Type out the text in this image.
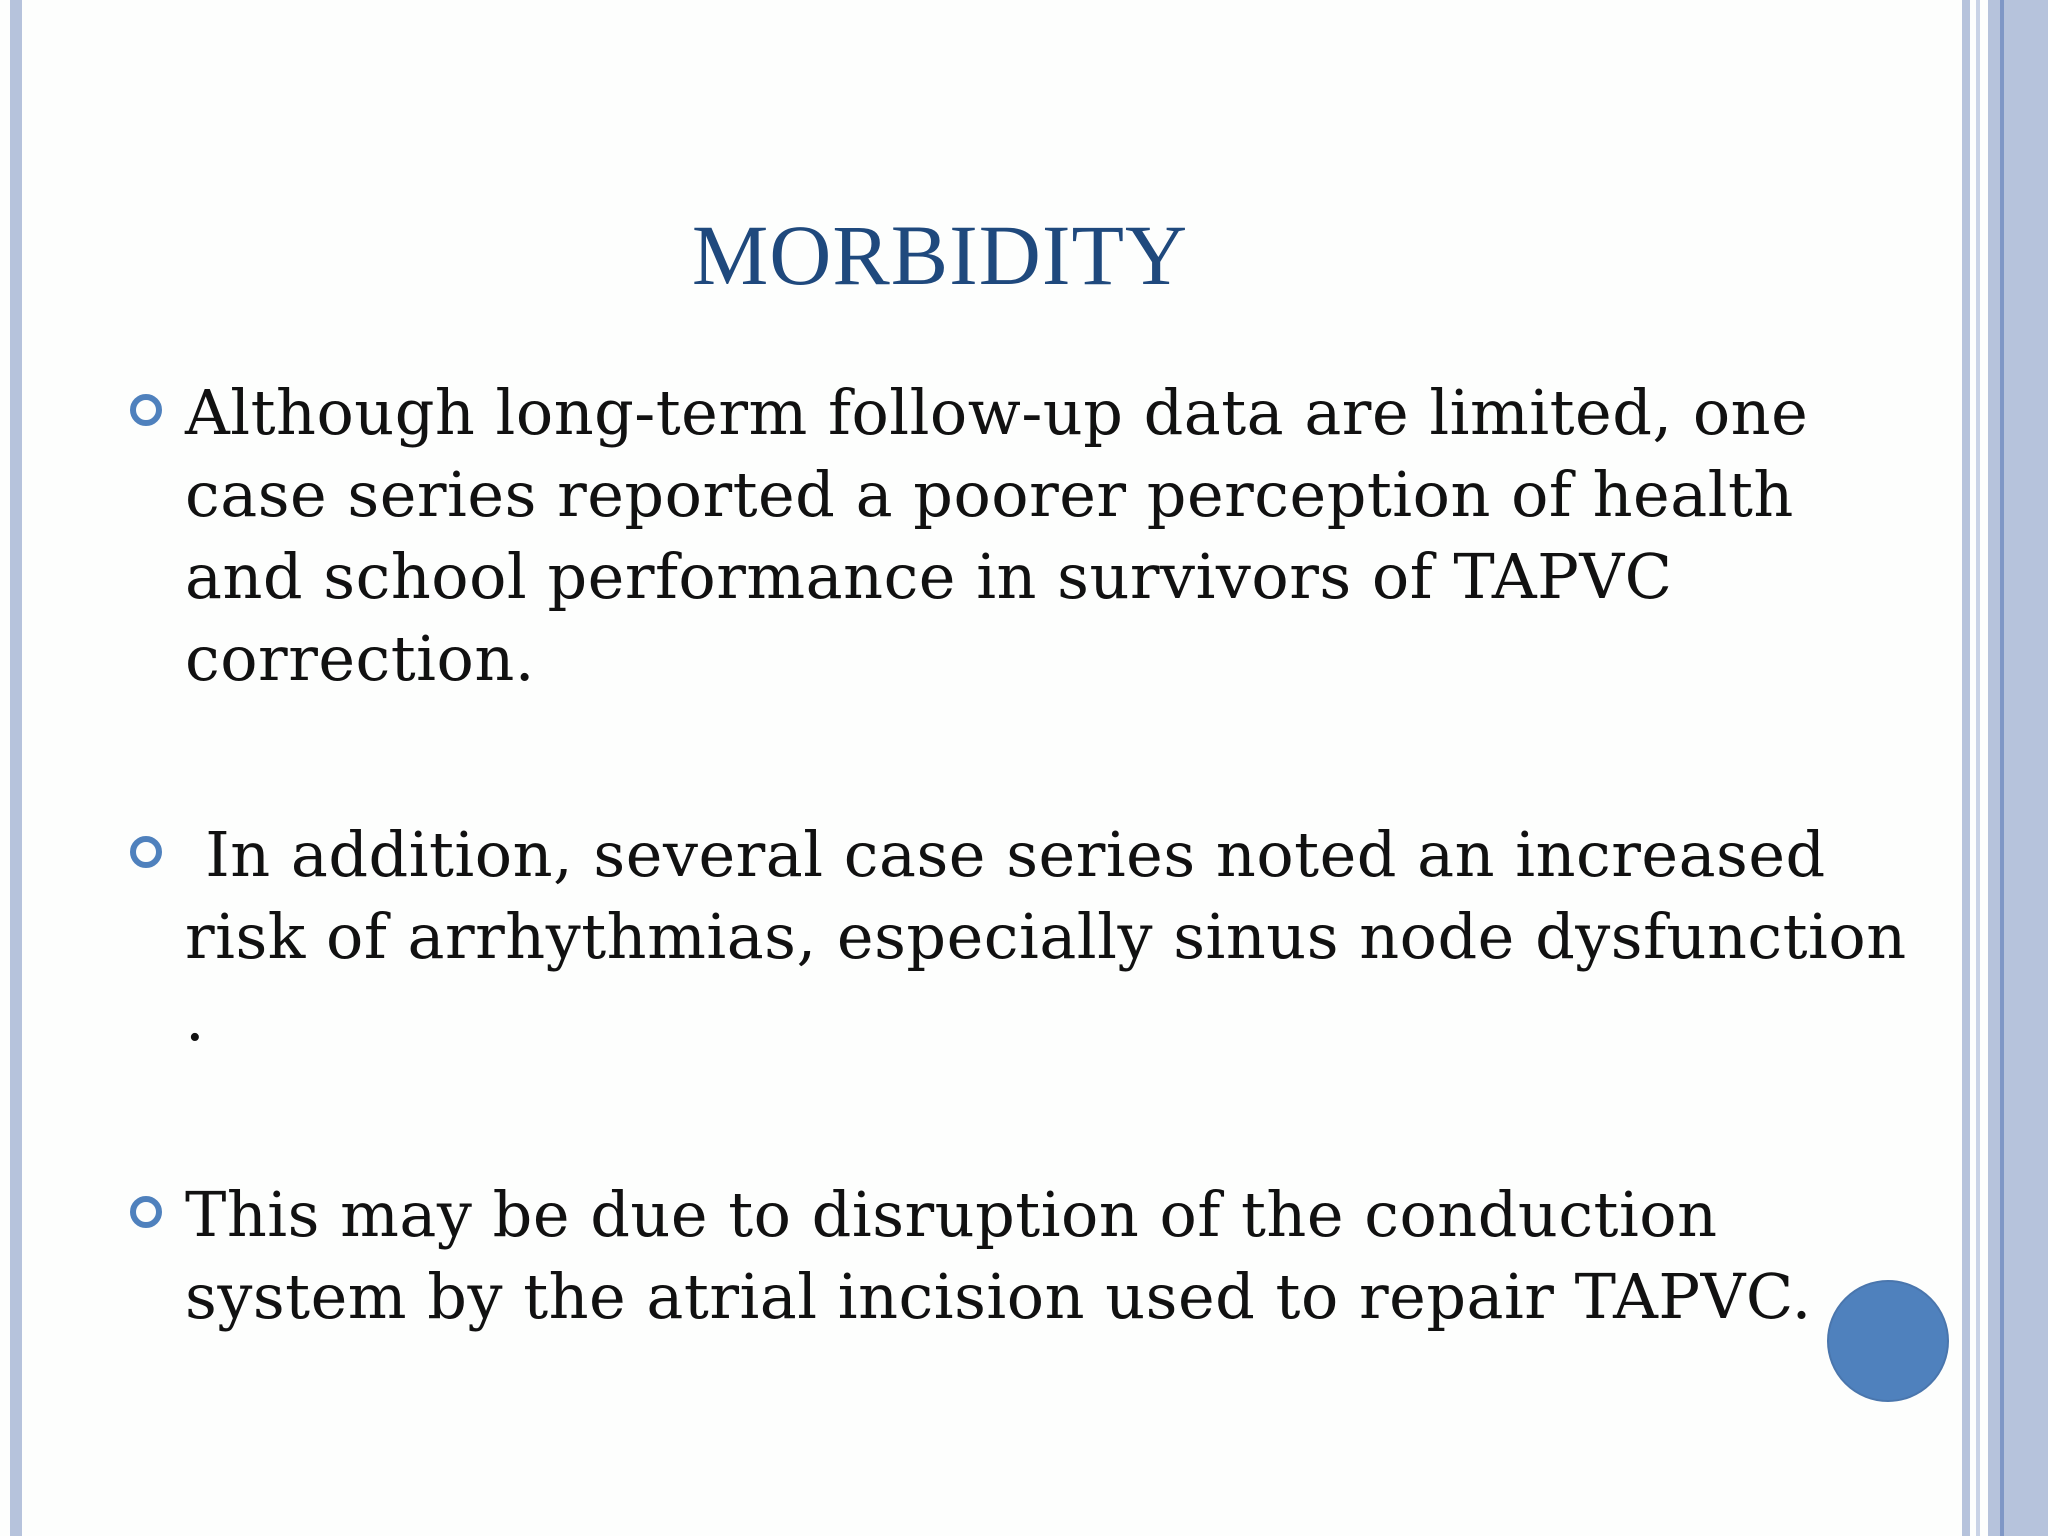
MORBIDITY
Although long-term follow-up data are limited, one case series reported a poorer perception of health and school performance in survivors of TAPVC correction.
In addition, several case series noted an increased risk of arrhythmias, especially sinus node dysfunction .
This may be due to disruption of the conduction system by the atrial incision used to repair TAPVC.
